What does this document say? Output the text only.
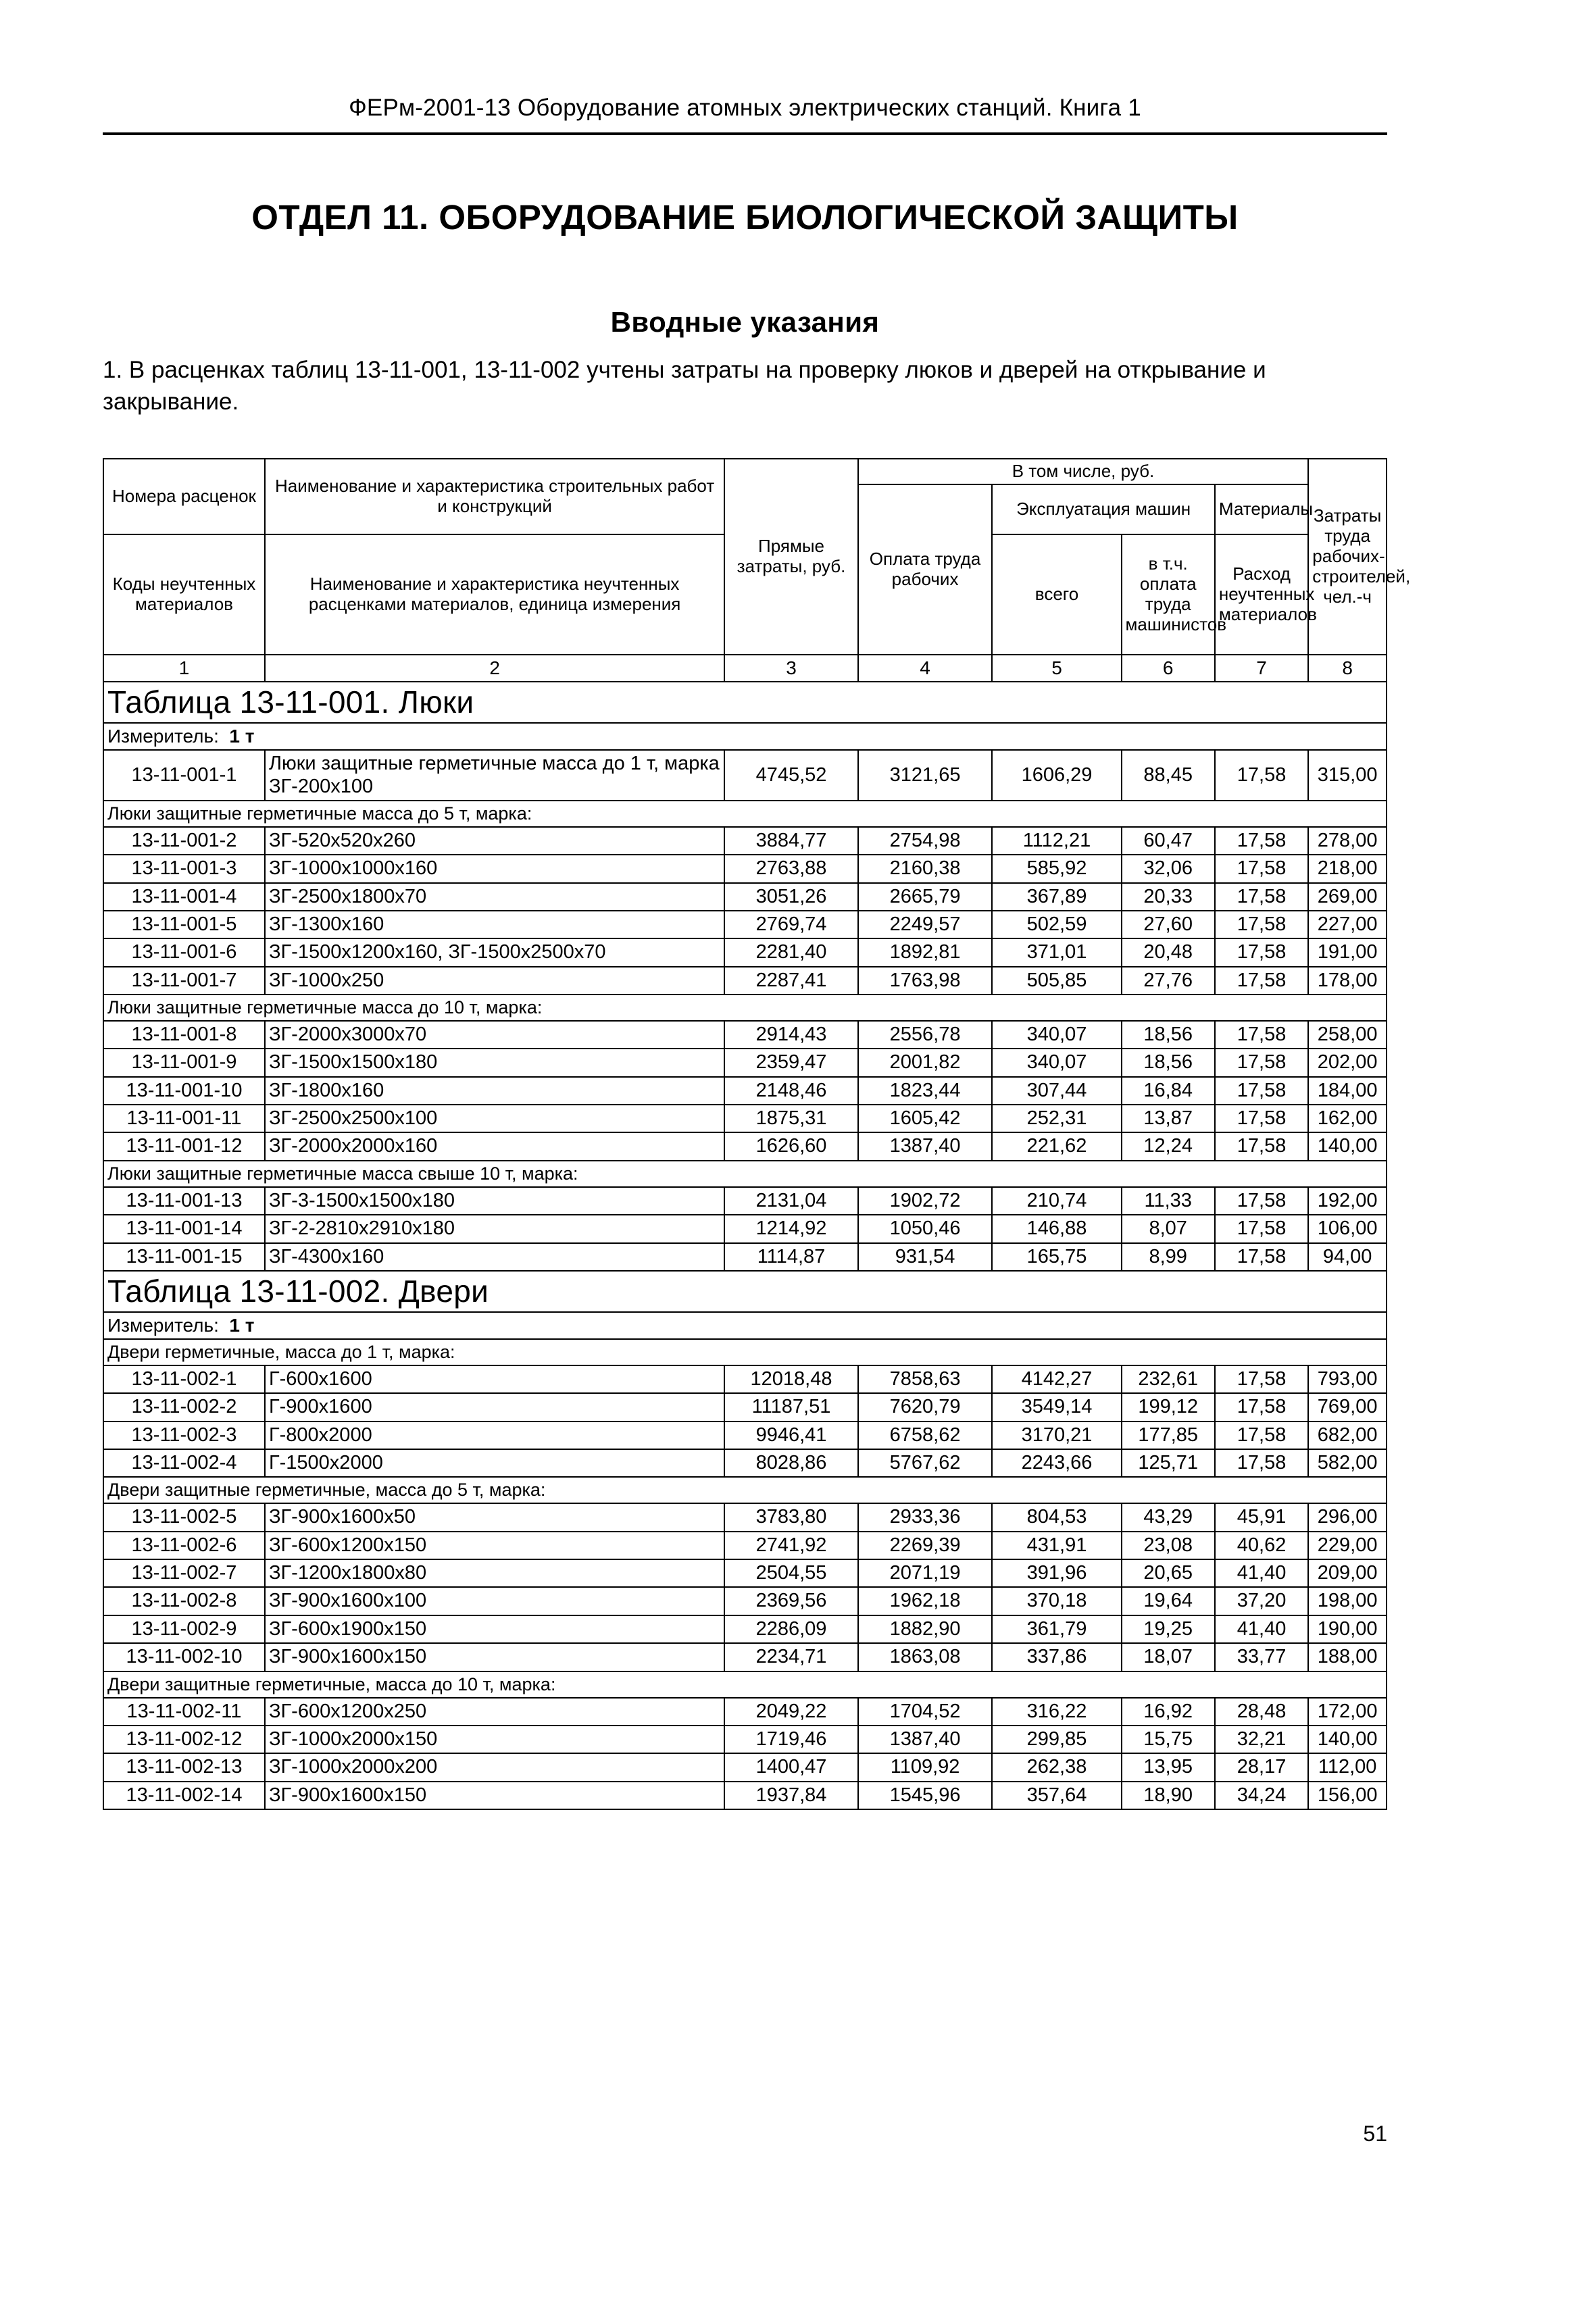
ФЕРм-2001-13 Оборудование атомных электрических станций. Книга 1
ОТДЕЛ 11. ОБОРУДОВАНИЕ БИОЛОГИЧЕСКОЙ ЗАЩИТЫ
Вводные указания

1. В расценках таблиц 13-11-001, 13-11-002 учтены затраты на проверку люков и дверей на открывание и закрывание.

Номера расценок	Наименование и характеристика строительных работ и конструкций	Прямые затраты, руб.	В том числе, руб.				Затраты труда рабочих-строителей, чел.-ч
			Оплата труда рабочих	Эксплуатация машин		Материалы	
Коды неучтенных материалов	Наименование и характеристика неучтенных расценками материалов, единица измерения			всего	в т.ч. оплата труда машинистов		
						Расход неучтенных материалов	
1	2	3	4	5	6	7	8
Таблица 13-11-001. Люки							
Измеритель:  1 т							
13-11-001-1	Люки защитные герметичные масса до 1 т, марка ЗГ-200х100	4745,52	3121,65	1606,29	88,45	17,58	315,00
Люки защитные герметичные масса до 5 т, марка:							
13-11-001-2	ЗГ-520х520х260	3884,77	2754,98	1112,21	60,47	17,58	278,00
13-11-001-3	ЗГ-1000х1000х160	2763,88	2160,38	585,92	32,06	17,58	218,00
13-11-001-4	ЗГ-2500х1800х70	3051,26	2665,79	367,89	20,33	17,58	269,00
13-11-001-5	ЗГ-1300х160	2769,74	2249,57	502,59	27,60	17,58	227,00
13-11-001-6	ЗГ-1500х1200х160, ЗГ-1500х2500х70	2281,40	1892,81	371,01	20,48	17,58	191,00
13-11-001-7	ЗГ-1000х250	2287,41	1763,98	505,85	27,76	17,58	178,00
Люки защитные герметичные масса до 10 т, марка:							
13-11-001-8	ЗГ-2000х3000х70	2914,43	2556,78	340,07	18,56	17,58	258,00
13-11-001-9	ЗГ-1500х1500х180	2359,47	2001,82	340,07	18,56	17,58	202,00
13-11-001-10	ЗГ-1800х160	2148,46	1823,44	307,44	16,84	17,58	184,00
13-11-001-11	ЗГ-2500х2500х100	1875,31	1605,42	252,31	13,87	17,58	162,00
13-11-001-12	ЗГ-2000х2000х160	1626,60	1387,40	221,62	12,24	17,58	140,00
Люки защитные герметичные масса свыше 10 т, марка:							
13-11-001-13	ЗГ-3-1500х1500х180	2131,04	1902,72	210,74	11,33	17,58	192,00
13-11-001-14	ЗГ-2-2810х2910х180	1214,92	1050,46	146,88	8,07	17,58	106,00
13-11-001-15	ЗГ-4300х160	1114,87	931,54	165,75	8,99	17,58	94,00
Таблица 13-11-002. Двери							
Измеритель:  1 т							
Двери герметичные, масса до 1 т, марка:							
13-11-002-1	Г-600х1600	12018,48	7858,63	4142,27	232,61	17,58	793,00
13-11-002-2	Г-900х1600	11187,51	7620,79	3549,14	199,12	17,58	769,00
13-11-002-3	Г-800х2000	9946,41	6758,62	3170,21	177,85	17,58	682,00
13-11-002-4	Г-1500х2000	8028,86	5767,62	2243,66	125,71	17,58	582,00
Двери защитные герметичные, масса до 5 т, марка:							
13-11-002-5	ЗГ-900х1600х50	3783,80	2933,36	804,53	43,29	45,91	296,00
13-11-002-6	ЗГ-600х1200х150	2741,92	2269,39	431,91	23,08	40,62	229,00
13-11-002-7	ЗГ-1200х1800х80	2504,55	2071,19	391,96	20,65	41,40	209,00
13-11-002-8	ЗГ-900х1600х100	2369,56	1962,18	370,18	19,64	37,20	198,00
13-11-002-9	ЗГ-600х1900х150	2286,09	1882,90	361,79	19,25	41,40	190,00
13-11-002-10	ЗГ-900х1600х150	2234,71	1863,08	337,86	18,07	33,77	188,00
Двери защитные герметичные, масса до 10 т, марка:							
13-11-002-11	ЗГ-600х1200х250	2049,22	1704,52	316,22	16,92	28,48	172,00
13-11-002-12	ЗГ-1000х2000х150	1719,46	1387,40	299,85	15,75	32,21	140,00
13-11-002-13	ЗГ-1000х2000х200	1400,47	1109,92	262,38	13,95	28,17	112,00
13-11-002-14	ЗГ-900х1600х150	1937,84	1545,96	357,64	18,90	34,24	156,00
51
